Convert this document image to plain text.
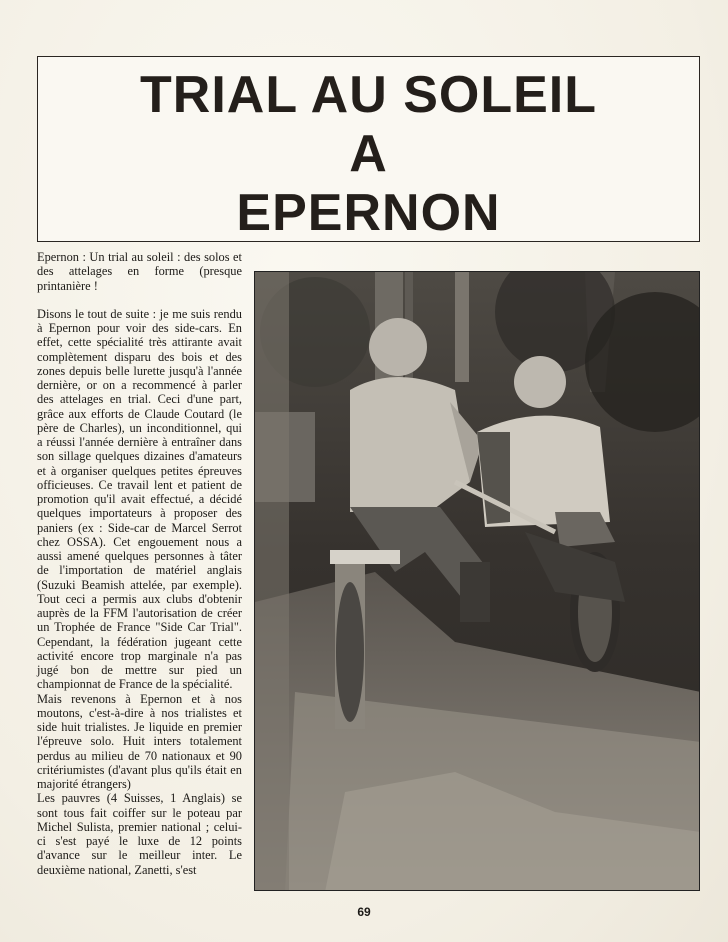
TRIAL AU SOLEIL
A
EPERNON

Epernon : Un trial au soleil : des solos et des attelages en forme (presque printanière !

Disons le tout de suite : je me suis rendu à Epernon pour voir des side-cars. En effet, cette spécialité très attirante avait complètement disparu des bois et des zones depuis belle lurette jusqu'à l'année dernière, or on a recommencé à parler des attelages en trial. Ceci d'une part, grâce aux efforts de Claude Coutard (le père de Charles), un inconditionnel, qui a réussi l'année dernière à entraîner dans son sillage quelques dizaines d'amateurs et à organiser quelques petites épreuves officieuses. Ce travail lent et patient de promotion qu'il avait effectué, a décidé quelques importateurs à proposer des paniers (ex : Side-car de Marcel Serrot chez OSSA). Cet engouement nous a aussi amené quelques personnes à tâter de l'importation de matériel anglais (Suzuki Beamish attelée, par exemple). Tout ceci a permis aux clubs d'obtenir auprès de la FFM l'autorisation de créer un Trophée de France "Side Car Trial". Cependant, la fédération jugeant cette activité encore trop marginale n'a pas jugé bon de mettre sur pied un championnat de France de la spécialité.

Mais revenons à Epernon et à nos moutons, c'est-à-dire à nos trialistes et side huit trialistes. Je liquide en premier l'épreuve solo. Huit inters totalement perdus au milieu de 70 nationaux et 90 critériumistes (d'avant plus qu'ils était en majorité étrangers)

Les pauvres (4 Suisses, 1 Anglais) se sont tous fait coiffer sur le poteau par Michel Sulista, premier national ; celui-ci s'est payé le luxe de 12 points d'avance sur le meilleur inter. Le deuxième national, Zanetti, s'est

69
